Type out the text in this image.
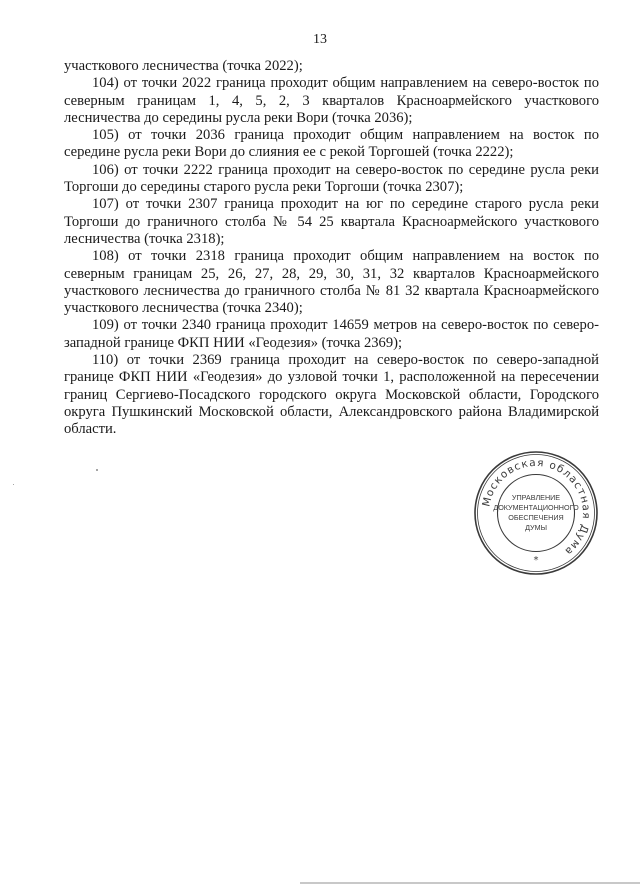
13

участкового лесничества (точка 2022);

104) от точки 2022 граница проходит общим направлением на северо-восток по северным границам 1, 4, 5, 2, 3 кварталов Красноармейского участкового лесничества до середины русла реки Вори (точка 2036);

105) от точки 2036 граница проходит общим направлением на восток по середине русла реки Вори до слияния ее с рекой Торгошей (точка 2222);

106) от точки 2222 граница проходит на северо-восток по середине русла реки Торгоши до середины старого русла реки Торгоши (точка 2307);

107) от точки 2307 граница проходит на юг по середине старого русла реки Торгоши до граничного столба № 54 25 квартала Красноармейского участкового лесничества (точка 2318);

108) от точки 2318 граница проходит общим направлением на восток по северным границам 25, 26, 27, 28, 29, 30, 31, 32 кварталов Красноармейского участкового лесничества до граничного столба № 81 32 квартала Красноармейского участкового лесничества (точка 2340);

109) от точки 2340 граница проходит 14659 метров на северо-восток по северо-западной границе ФКП НИИ «Геодезия» (точка 2369);

110) от точки 2369 граница проходит на северо-восток по северо-западной границе ФКП НИИ «Геодезия» до узловой точки 1, расположенной на пересечении границ Сергиево-Посадского городского округа Московской области, Городского округа Пушкинский Московской области, Александровского района Владимирской области.

Московская областная Дума
*
УПРАВЛЕНИЕ
ДОКУМЕНТАЦИОННОГО
ОБЕСПЕЧЕНИЯ
ДУМЫ
